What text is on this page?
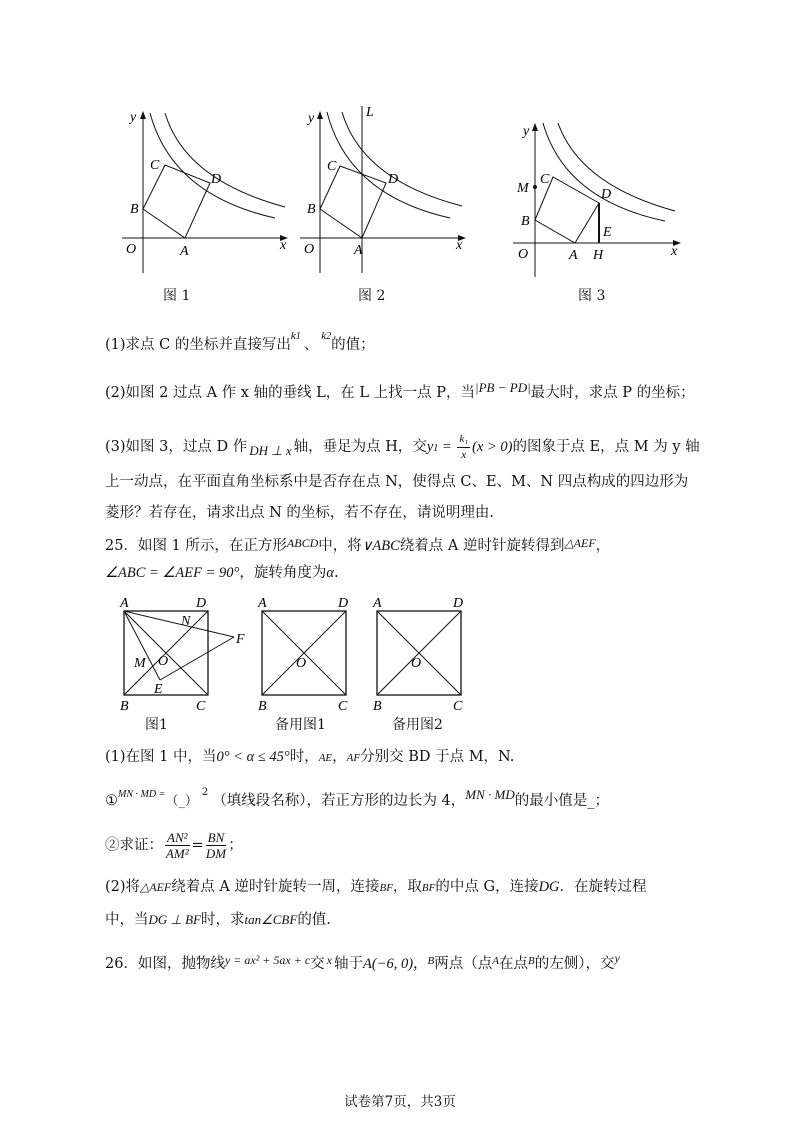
y
x
O	A
B
C
D
图 1
y	L
x
O	A
B
C
D
图 2
y
x
O	A H
B
M
C
D
E
图 3
(1)求点 C 的坐标并直接写出$^{k1}$、$^{k2}$的值；
(2)如图 2 过点 A 作 x 轴的垂线 L，在 L 上找一点 P，当|PB − PD|最大时，求点 P 的坐标；
(3)如图 3，过点 D 作 DH ⊥ x 轴，垂足为点 H，交$y1 = \frac{\text{k₁}}{x} (x > 0)$的图象于点 E，点 M 为 y 轴
上一动点，在平面直角坐标系中是否存在点 N，使得点 C、E、M、N 四点构成的四边形为
菱形？若存在，请求出点 N 的坐标，若不存在，请说明理由.
25．如图 1 所示，在正方形$^{ABCD}$中，将∨ABC绕着点 A 逆时针旋转得到$^{\triangle AEF}$，
∠ABC = ∠AEF = 90°，旋转角度为α.
A	D
N
F
M O
E
B	C
图1
A	D
O
B	C
备用图1
A	D
O
B	C
备用图2
(1)在图 1 中，当0° < α ≤ 45°时，AE，AF分别交 BD 于点 M，N.
①$^{MN \cdot MD =}$（_）$^2$（填线段名称），若正方形的边长为 4，MN · MD的最小值是_；
②求证： $\frac{\text{AN²}}{\text{AM²}} = \frac{BN}{DM}$ ；
(2)将△AEF绕着点 A 逆时针旋转一周，连接BF，取BF的中点 G，连接DG．在旋转过程
中，当DG ⊥ BF时，求tan∠CBF的值.
26．如图，抛物线$^{y = ax^2 + 5ax + c}$交 $^x$ 轴于A(−6, 0)，$^B$两点（点$^A$在点$^B$的左侧），交$^y$
试卷第7页，共3页
